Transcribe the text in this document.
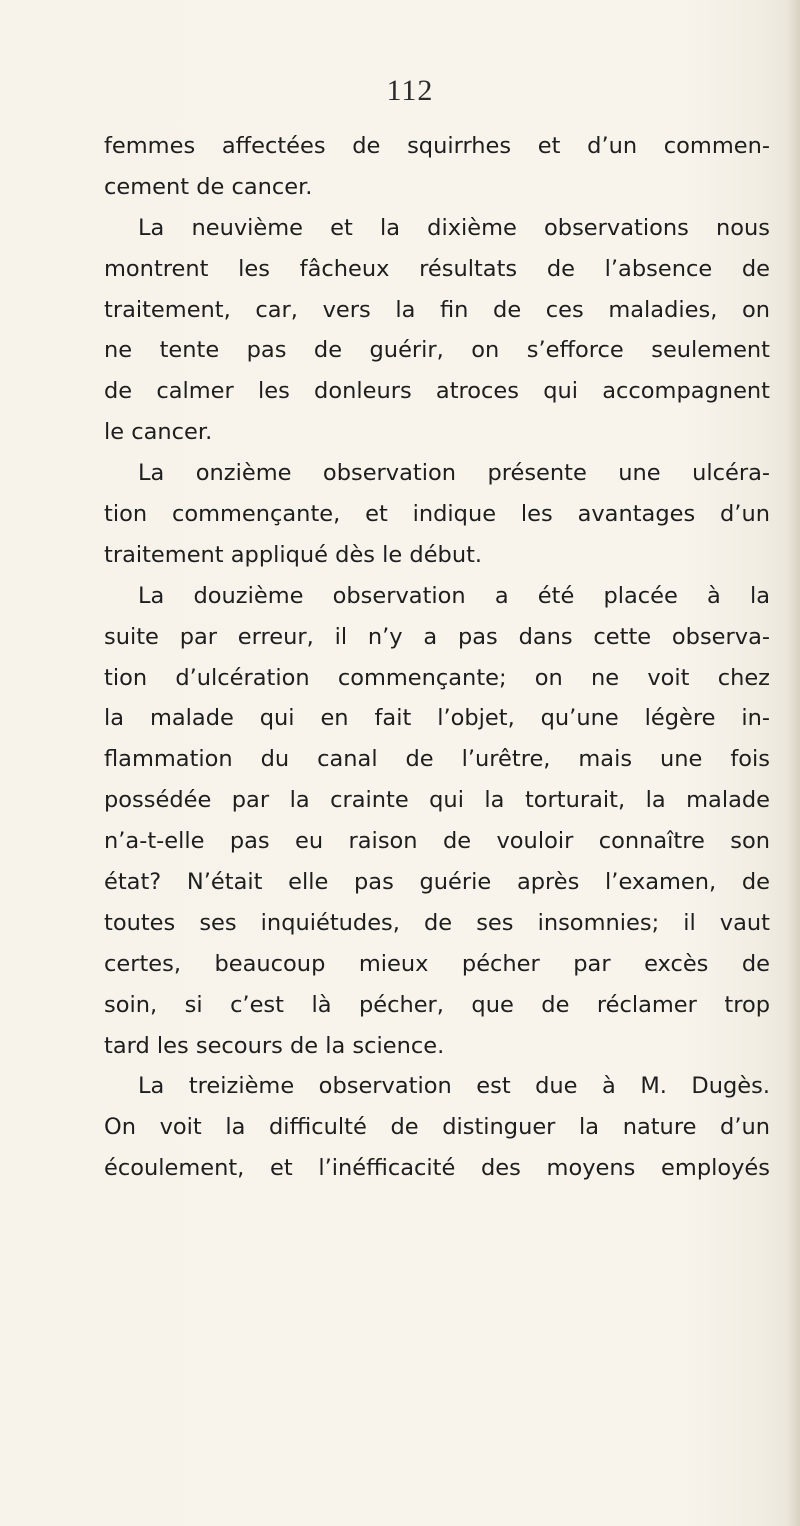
112
femmes affectées de squirrhes et d’un commen-
cement de cancer.
La neuvième et la dixième observations nous
montrent les fâcheux résultats de l’absence de
traitement, car, vers la fin de ces maladies, on
ne tente pas de guérir, on s’efforce seulement
de calmer les donleurs atroces qui accompagnent
le cancer.
La onzième observation présente une ulcéra-
tion commençante, et indique les avantages d’un
traitement appliqué dès le début.
La douzième observation a été placée à la
suite par erreur, il n’y a pas dans cette observa-
tion d’ulcération commençante; on ne voit chez
la malade qui en fait l’objet, qu’une légère in-
flammation du canal de l’urêtre, mais une fois
possédée par la crainte qui la torturait, la malade
n’a-t-elle pas eu raison de vouloir connaître son
état? N’était elle pas guérie après l’examen, de
toutes ses inquiétudes, de ses insomnies; il vaut
certes, beaucoup mieux pécher par excès de
soin, si c’est là pécher, que de réclamer trop
tard les secours de la science.
La treizième observation est due à M. Dugès.
On voit la difficulté de distinguer la nature d’un
écoulement, et l’inéfficacité des moyens employés
